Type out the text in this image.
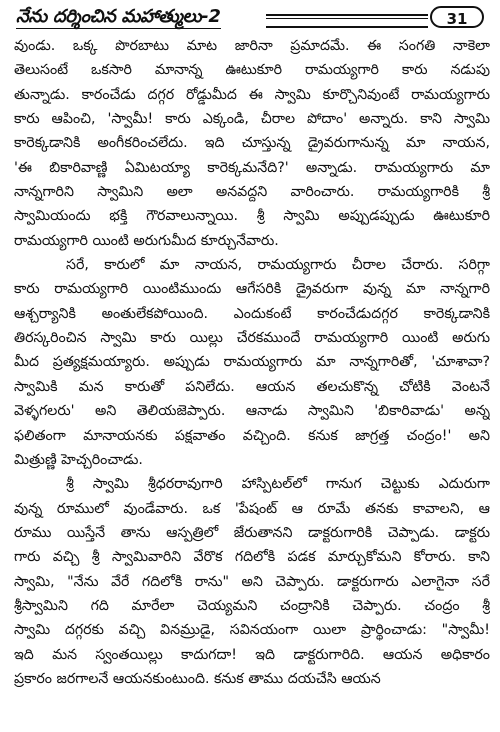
నేను దర్శించిన మహాత్ములు-2	31
వుండు. ఒక్క పొరబాటు మాట జారినా ప్రమాదమే. ఈ సంగతి నాకెలా
తెలుసంటే ఒకసారి మానాన్న ఊటుకూరి రామయ్యగారి కారు నడుపు
తున్నాడు. కారంచేడు దగ్గర రోడ్డుమీద ఈ స్వామి కూర్చొనివుంటే రామయ్యగారు
కారు ఆపించి, 'స్వామీ! కారు ఎక్కండి, చీరాల పోదాం' అన్నారు. కాని స్వామి
కారెక్కడానికి అంగీకరించలేదు. ఇది చూస్తున్న డ్రైవరుగానున్న మా నాయన,
'ఈ బికారివాణ్ణి ఏమిటయ్యా కారెక్కమనేది?' అన్నాడు. రామయ్యగారు మా
నాన్నగారిని స్వామిని అలా అనవద్దని వారించారు. రామయ్యగారికి శ్రీ
స్వామియందు భక్తి గౌరవాలున్నాయి. శ్రీ స్వామి అప్పుడప్పుడు ఊటుకూరి
రామయ్యగారి యింటి అరుగుమీద కూర్చునేవారు.
సరే, కారులో మా నాయన, రామయ్యగారు చీరాల చేరారు. సరిగ్గా
కారు రామయ్యగారి యింటిముందు ఆగేసరికి డ్రైవరుగా వున్న మా నాన్నగారి
ఆశ్చర్యానికి అంతులేకపోయింది. ఎందుకంటే కారంచేడుదగ్గర కారెక్కడానికి
తిరస్కరించిన స్వామి కారు యిల్లు చేరకముందే రామయ్యగారి యింటి అరుగు
మీద ప్రత్యక్షమయ్యారు. అప్పుడు రామయ్యగారు మా నాన్నగారితో, 'చూశావా?
స్వామికి మన కారుతో పనిలేదు. ఆయన తలచుకొన్న చోటికి వెంటనే
వెళ్ళగలరు' అని తెలియజెప్పారు. ఆనాడు స్వామిని 'బికారివాడు' అన్న
ఫలితంగా మానాయనకు పక్షవాతం వచ్చింది. కనుక జాగ్రత్త చంద్రం!' అని
మిత్రుణ్ణి హెచ్చరించాడు.
శ్రీ స్వామి శ్రీధరరావుగారి హాస్పిటల్‌లో గానుగ చెట్టుకు ఎదురుగా
వున్న రూములో వుండేవారు. ఒక 'పేషంట్ ఆ రూమే తనకు కావాలని, ఆ
రూము యిస్తేనే తాను ఆస్పత్రిలో జేరుతానని డాక్టరుగారికి చెప్పాడు. డాక్టరు
గారు వచ్చి శ్రీ స్వామివారిని వేరొక గదిలోకి పడక మార్చుకోమని కోరారు. కాని
స్వామి, "నేను వేరే గదిలోకి రాను" అని చెప్పారు. డాక్టరుగారు ఎలాగైనా సరే
శ్రీస్వామిని గది మారేలా చెయ్యమని చంద్రానికి చెప్పారు. చంద్రం శ్రీ
స్వామి దగ్గరకు వచ్చి వినమ్రుడై, సవినయంగా యిలా ప్రార్థించాడు: "స్వామీ!
ఇది మన స్వంతయిల్లు కాదుగదా! ఇది డాక్టరుగారిది. ఆయన అధికారం
ప్రకారం జరగాలనే ఆయనకుంటుంది. కనుక తాము దయచేసి ఆయన
